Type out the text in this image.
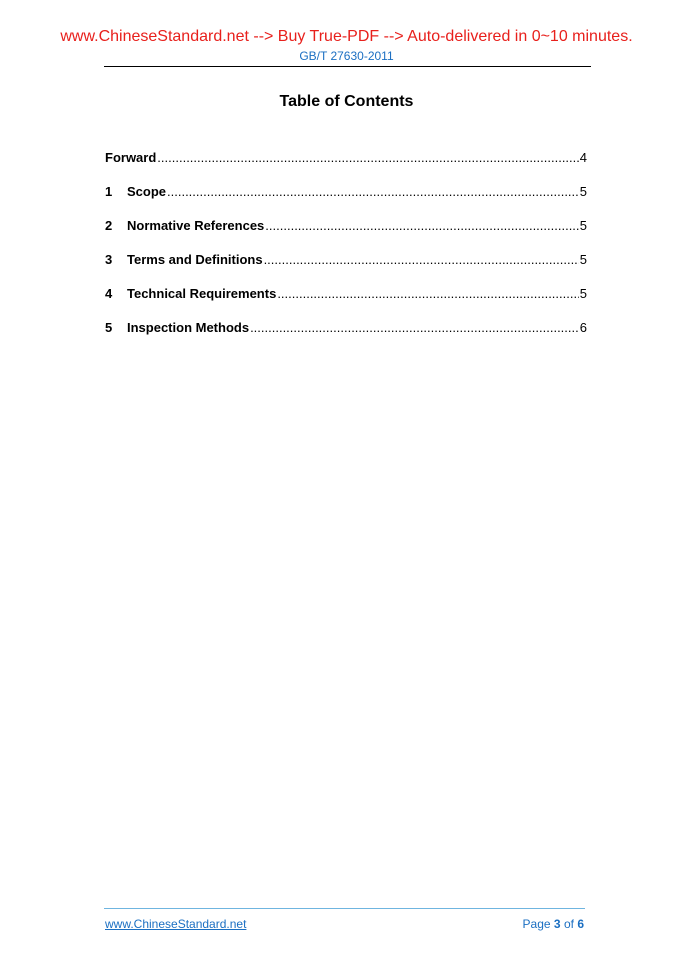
www.ChineseStandard.net --> Buy True-PDF --> Auto-delivered in 0~10 minutes.
GB/T 27630-2011
Table of Contents
Forward .....	4
1	Scope .....	5
2	Normative References .....	5
3	Terms and Definitions .....	5
4	Technical Requirements .....	5
5	Inspection Methods .....	6
www.ChineseStandard.net	Page 3 of 6
